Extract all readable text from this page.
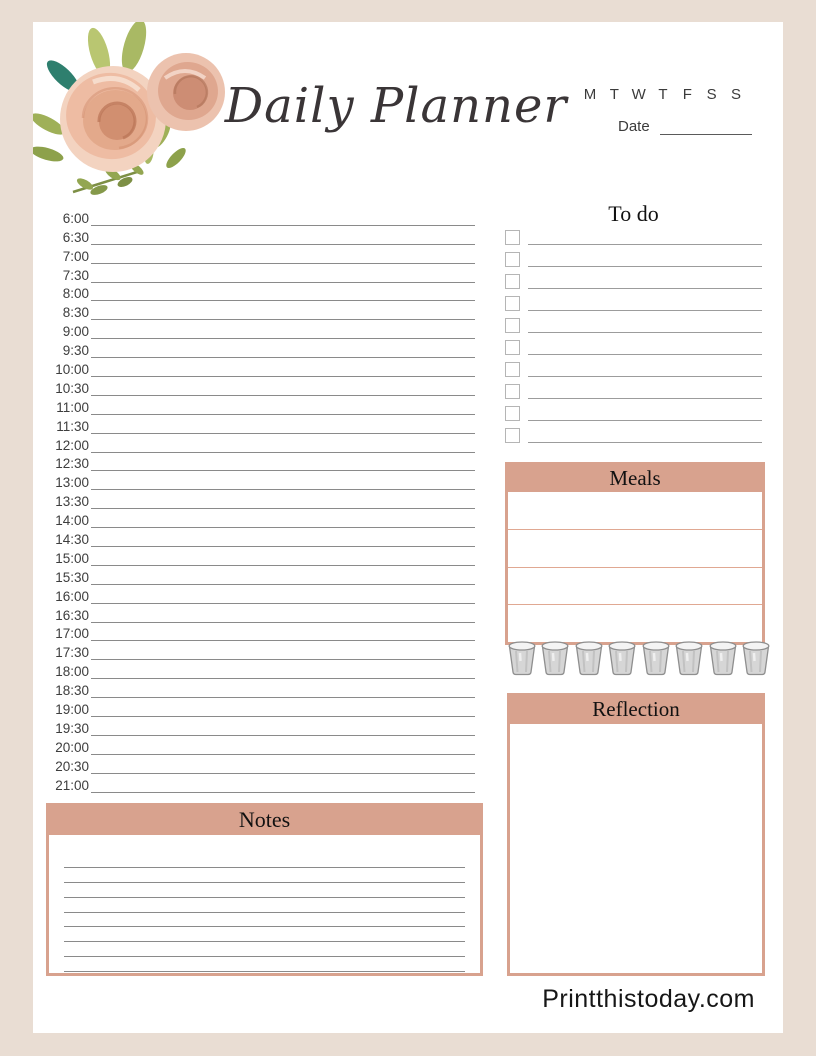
Daily Planner	M T W T F S S
Date
6:00
6:30
7:00
7:30
8:00
8:30
9:00
9:30
10:00
10:30
11:00
11:30
12:00
12:30
13:00
13:30
14:00
14:30
15:00
15:30
16:00
16:30
17:00
17:30
18:00
18:30
19:00
19:30
20:00
20:30
21:00
To do
Meals
Reflection
Notes
Printthistoday.com
